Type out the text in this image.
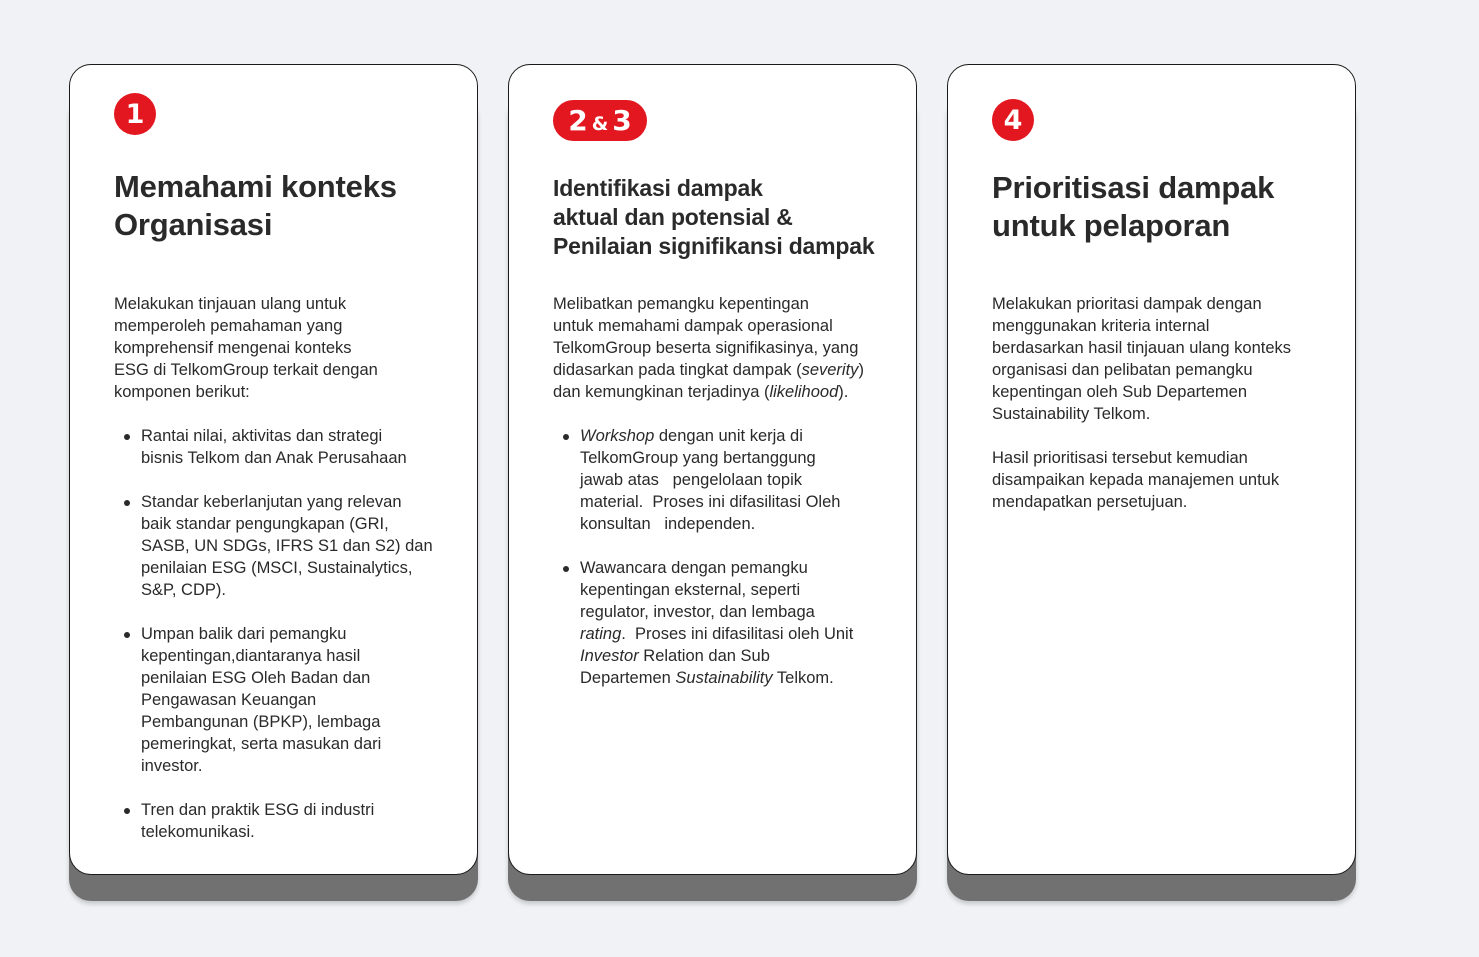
1
Memahami konteks
Organisasi

Melakukan tinjauan ulang untuk
memperoleh pemahaman yang
komprehensif mengenai konteks
ESG di TelkomGroup terkait dengan
komponen berikut:

Rantai nilai, aktivitas dan strategi
bisnis Telkom dan Anak Perusahaan
Standar keberlanjutan yang relevan
baik standar pengungkapan (GRI,
SASB, UN SDGs, IFRS S1 dan S2) dan
penilaian ESG (MSCI, Sustainalytics,
S&P, CDP).
Umpan balik dari pemangku
kepentingan,diantaranya hasil
penilaian ESG Oleh Badan dan
Pengawasan Keuangan
Pembangunan (BPKP), lembaga
pemeringkat, serta masukan dari
investor.
Tren dan praktik ESG di industri
telekomunikasi.
2 & 3
Identifikasi dampak
aktual dan potensial &
Penilaian signifikansi dampak

Melibatkan pemangku kepentingan
untuk memahami dampak operasional
TelkomGroup beserta signifikasinya, yang
didasarkan pada tingkat dampak (severity)
dan kemungkinan terjadinya (likelihood).

Workshop dengan unit kerja di
TelkomGroup yang bertanggung
jawab atas   pengelolaan topik
material.  Proses ini difasilitasi Oleh
konsultan   independen.
Wawancara dengan pemangku
kepentingan eksternal, seperti
regulator, investor, dan lembaga
rating.  Proses ini difasilitasi oleh Unit
Investor Relation dan Sub
Departemen Sustainability Telkom.
4
Prioritisasi dampak
untuk pelaporan

Melakukan prioritasi dampak dengan
menggunakan kriteria internal
berdasarkan hasil tinjauan ulang konteks
organisasi dan pelibatan pemangku
kepentingan oleh Sub Departemen
Sustainability Telkom.

Hasil prioritisasi tersebut kemudian
disampaikan kepada manajemen untuk
mendapatkan persetujuan.
